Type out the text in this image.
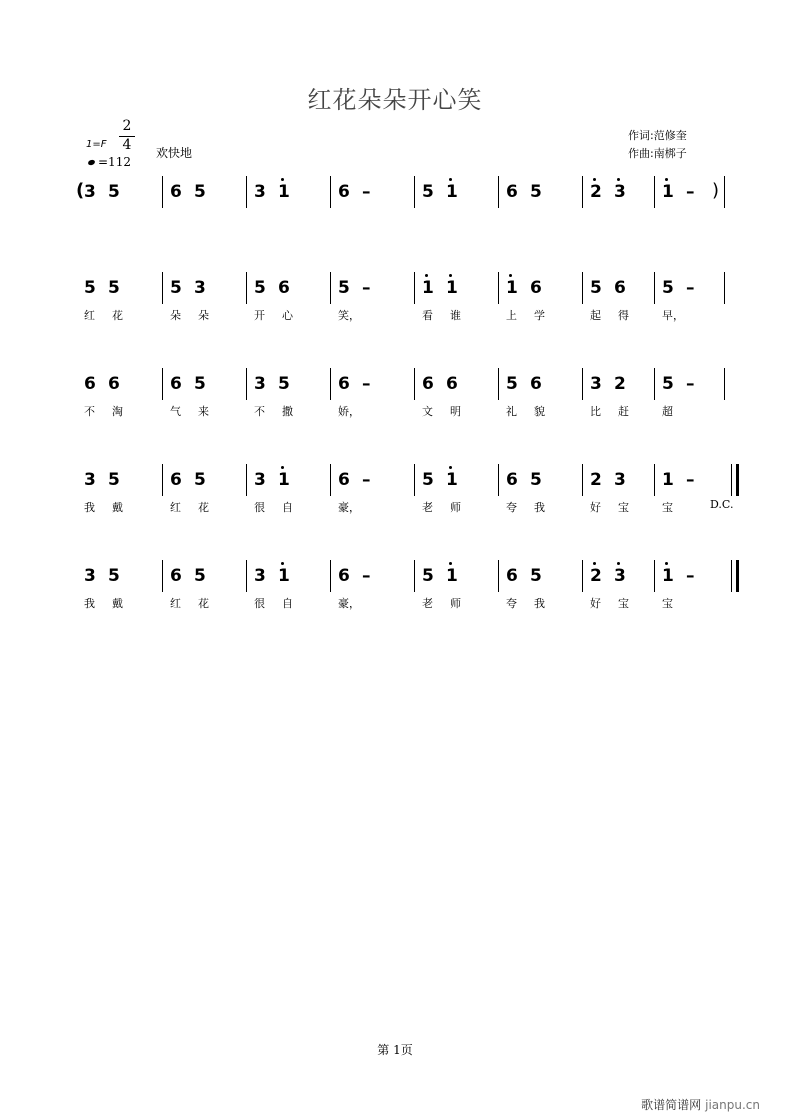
红花朵朵开心笑
1=F
2
4
=112
欢快地
作词:范修奎
作曲:南梆子
(	)
3 5	6 5	3 1	6 –	5 1	6 5	2 3	1 –
5 5
红 花
5 3
朵 朵
5 6
开 心
5 –
笑，
1 1
看 谁
1 6
上 学
5 6
起 得
5 –
早，
6 6
不 淘
6 5
气 来
3 5
不 撒
6 –
娇，
6 6
文 明
5 6
礼 貌
3 2
比 赶
5 –
超
3 5
我 戴
6 5
红 花
3 1
很 自
6 –
豪，
5 1
老 师
6 5
夸 我
2 3
好 宝
1 –
宝	D.C.
3 5
我 戴
6 5
红 花
3 1
很 自
6 –
豪，
5 1
老 师
6 5
夸 我
2 3
好 宝
1 –
宝
第 1页
歌谱简谱网 jianpu.cn
